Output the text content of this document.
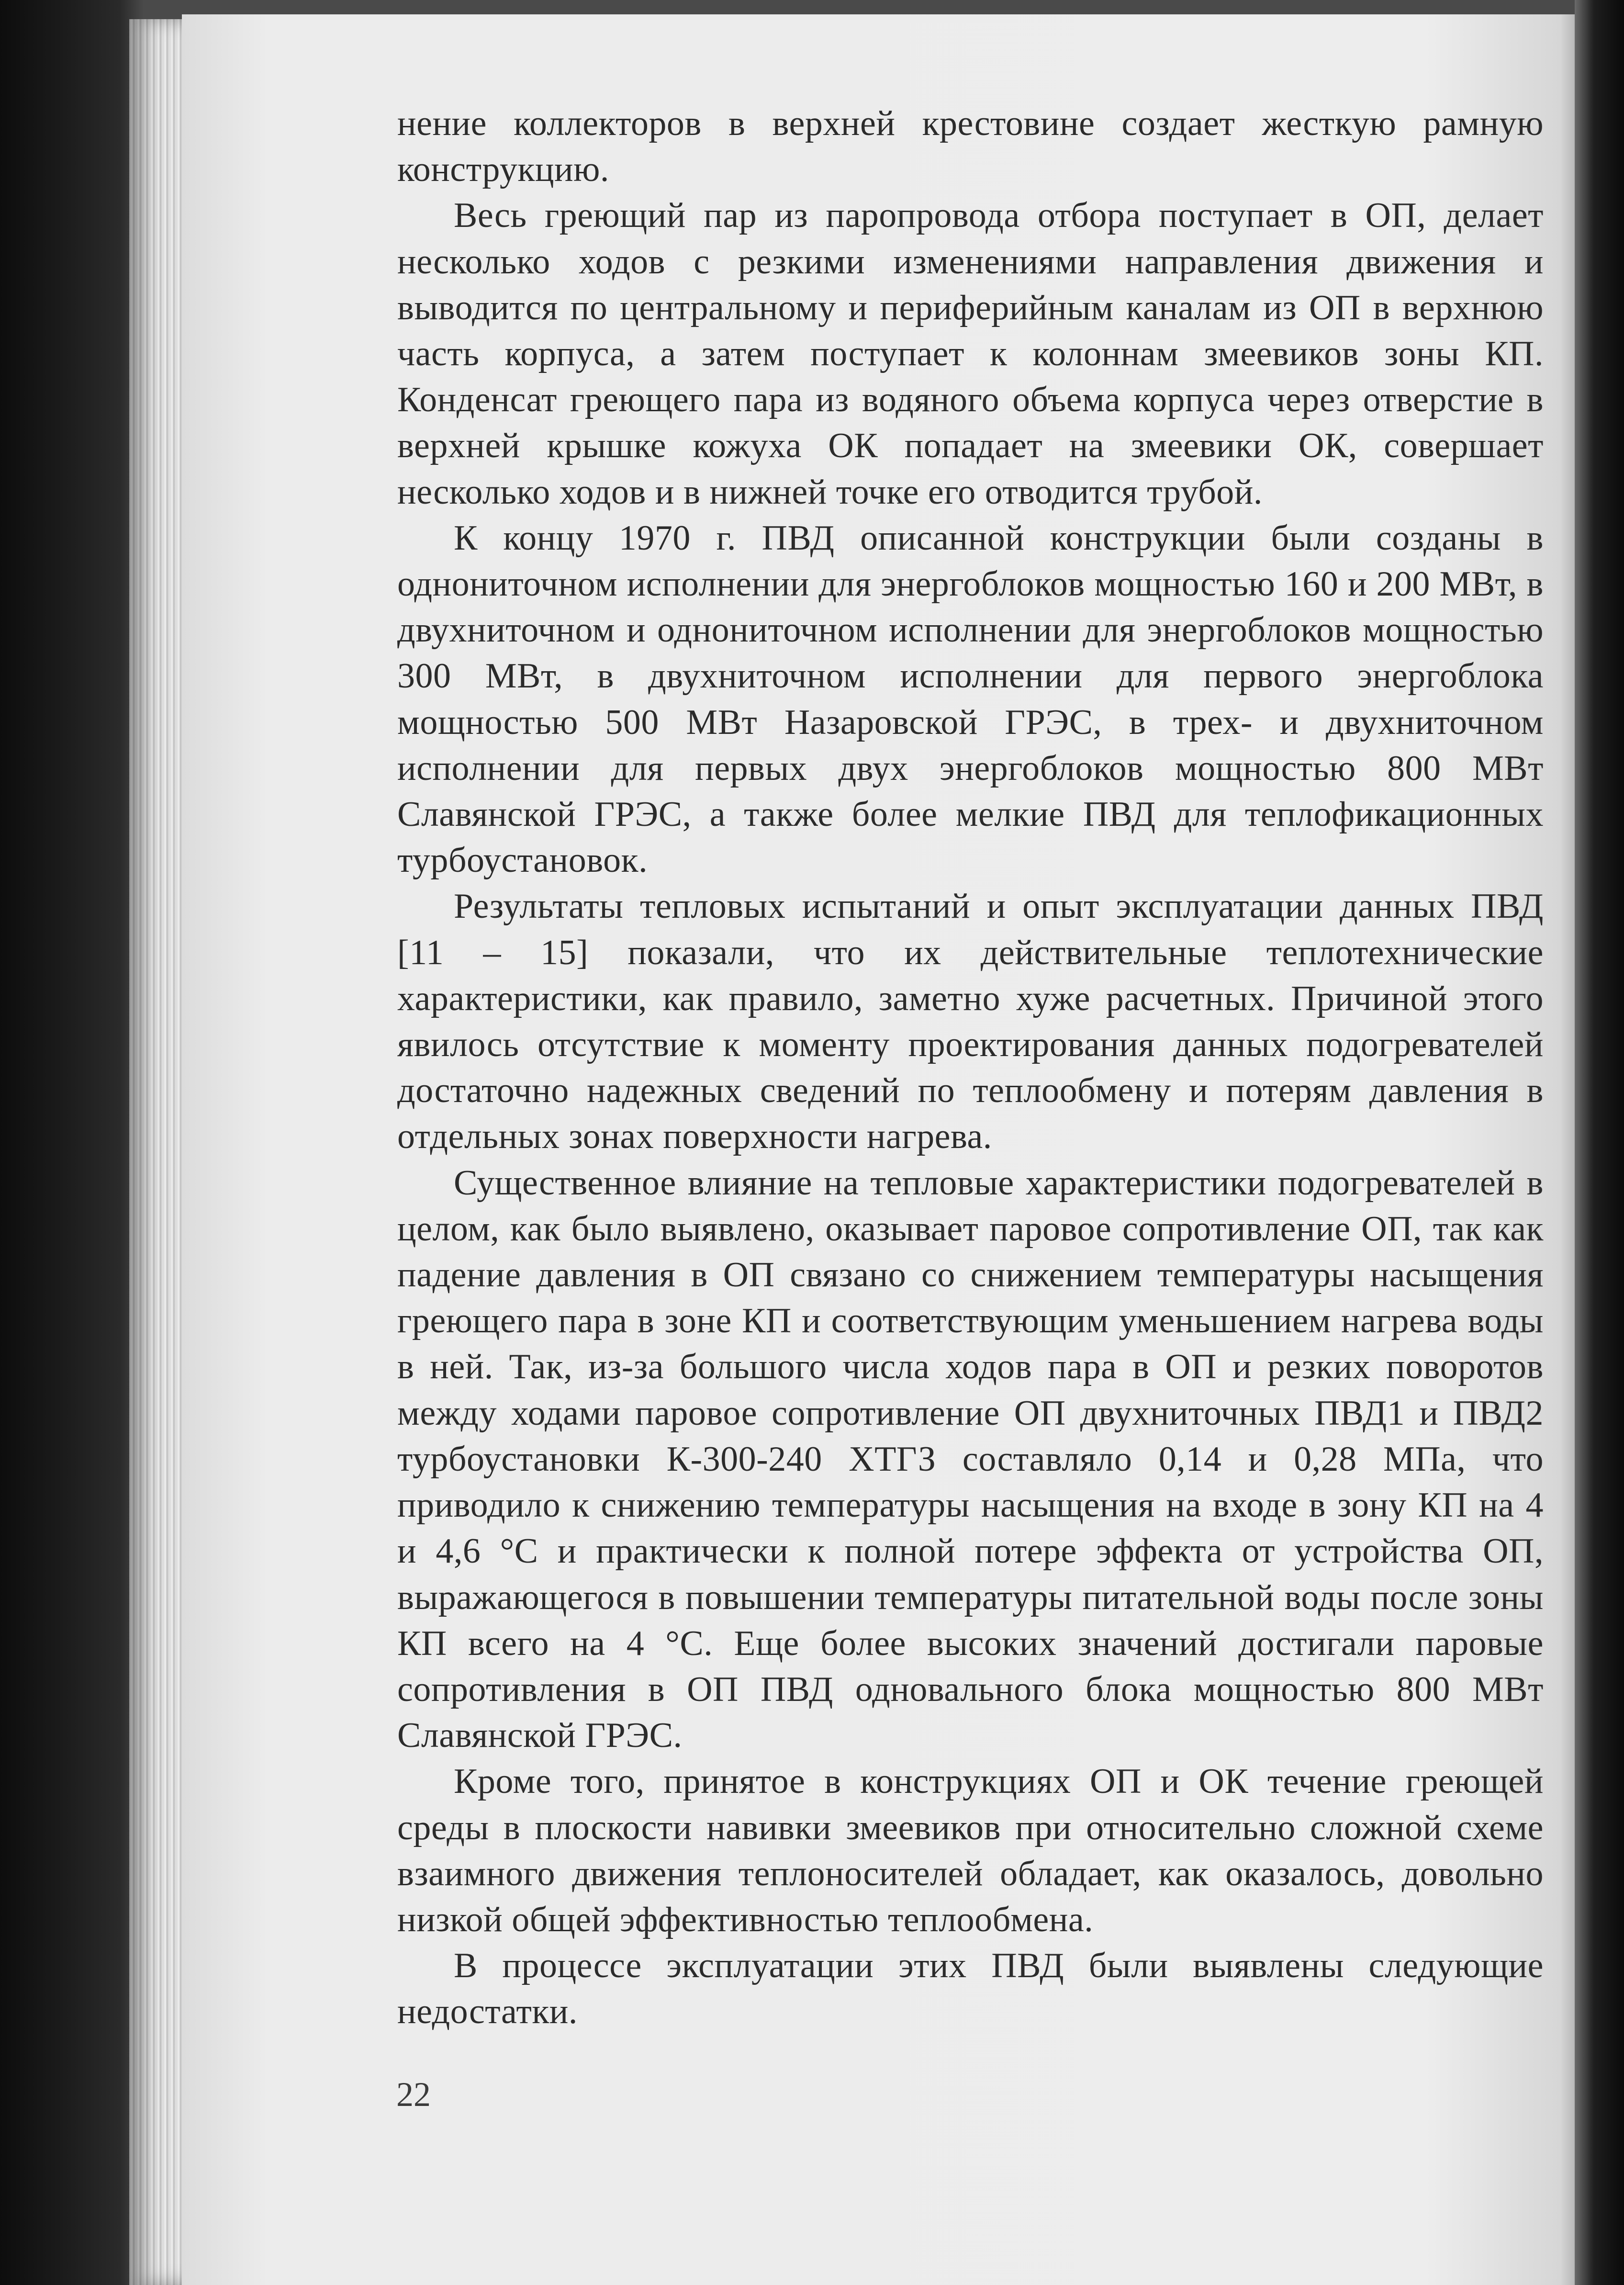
нение коллекторов в верхней крестовине создает жесткую рамную конструкцию.

Весь греющий пар из паропровода отбора поступает в ОП, делает несколько ходов с резкими изменениями направления движения и выводится по центральному и периферийным каналам из ОП в верхнюю часть корпуса, а затем поступает к колоннам змеевиков зоны КП. Конденсат греющего пара из водяного объема корпуса через отверстие в верхней крышке кожуха ОК попадает на змеевики ОК, совершает несколько ходов и в нижней точке его отводится трубой.

К концу 1970 г. ПВД описанной конструкции были созданы в однониточном исполнении для энергоблоков мощностью 160 и 200 МВт, в двухниточном и однониточном исполнении для энергоблоков мощностью 300 МВт, в двухниточном исполнении для первого энергоблока мощностью 500 МВт Назаровской ГРЭС, в трех- и двухниточном исполнении для первых двух энергоблоков мощностью 800 МВт Славянской ГРЭС, а также более мелкие ПВД для теплофикационных турбоустановок.

Результаты тепловых испытаний и опыт эксплуатации данных ПВД [11 – 15] показали, что их действительные теплотехнические характеристики, как правило, заметно хуже расчетных. Причиной этого явилось отсутствие к моменту проектирования данных подогревателей достаточно надежных сведений по теплообмену и потерям давления в отдельных зонах поверхности нагрева.

Существенное влияние на тепловые характеристики подогревателей в целом, как было выявлено, оказывает паровое сопротивление ОП, так как падение давления в ОП связано со снижением температуры насыщения греющего пара в зоне КП и соответствующим уменьшением нагрева воды в ней. Так, из-за большого числа ходов пара в ОП и резких поворотов между ходами паровое сопротивление ОП двухниточных ПВД1 и ПВД2 турбоустановки К-300-240 ХТГЗ составляло 0,14 и 0,28 МПа, что приводило к снижению температуры насыщения на входе в зону КП на 4 и 4,6 °С и практически к полной потере эффекта от устройства ОП, выражающегося в повышении температуры питательной воды после зоны КП всего на 4 °С. Еще более высоких значений достигали паровые сопротивления в ОП ПВД одновального блока мощностью 800 МВт Славянской ГРЭС.

Кроме того, принятое в конструкциях ОП и ОК течение греющей среды в плоскости навивки змеевиков при относительно сложной схеме взаимного движения теплоносителей обладает, как оказалось, довольно низкой общей эффективностью теплообмена.

В процессе эксплуатации этих ПВД были выявлены следующие недостатки.

22
